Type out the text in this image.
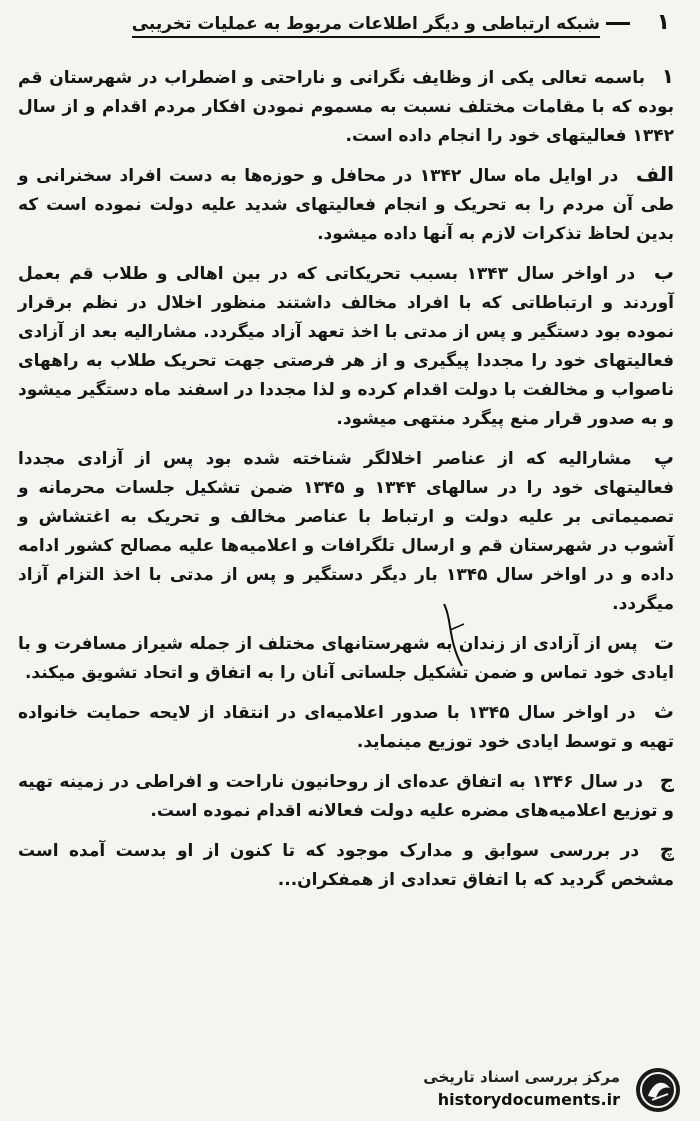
۱
شبکه ارتباطی و دیگر اطلاعات مربوط به عملیات تخریبی

۱ باسمه تعالی یکی از وظایف نگرانی و ناراحتی و اضطراب در شهرستان قم بوده که با مقامات مختلف نسبت به مسموم نمودن افکار مردم اقدام و از سال ۱۳۴۲ فعالیتهای خود را انجام داده است.

الف در اوایل ماه سال ۱۳۴۲ در محافل و حوزه‌ها به دست افراد سخنرانی و طی آن مردم را به تحریک و انجام فعالیتهای شدید علیه دولت نموده است که بدین لحاظ تذکرات لازم به آنها داده میشود.

ب در اواخر سال ۱۳۴۳ بسبب تحریکاتی که در بین اهالی و طلاب قم بعمل آوردند و ارتباطاتی که با افراد مخالف داشتند منظور اخلال در نظم برقرار نموده بود دستگیر و پس از مدتی با اخذ تعهد آزاد میگردد. مشارالیه بعد از آزادی فعالیتهای خود را مجددا پیگیری و از هر فرصتی جهت تحریک طلاب به راههای ناصواب و مخالفت با دولت اقدام کرده و لذا مجددا در اسفند ماه دستگیر میشود و به صدور قرار منع پیگرد منتهی میشود.

پ مشارالیه که از عناصر اخلالگر شناخته شده بود پس از آزادی مجددا فعالیتهای خود را در سالهای ۱۳۴۴ و ۱۳۴۵ ضمن تشکیل جلسات محرمانه و تصمیماتی بر علیه دولت و ارتباط با عناصر مخالف و تحریک به اغتشاش و آشوب در شهرستان قم و ارسال تلگرافات و اعلامیه‌ها علیه مصالح کشور ادامه داده و در اواخر سال ۱۳۴۵ بار دیگر دستگیر و پس از مدتی با اخذ التزام آزاد میگردد.

ت پس از آزادی از زندان به شهرستانهای مختلف از جمله شیراز مسافرت و با ایادی خود تماس و ضمن تشکیل جلساتی آنان را به اتفاق و اتحاد تشویق میکند.

ث در اواخر سال ۱۳۴۵ با صدور اعلامیه‌ای در انتقاد از لایحه حمایت خانواده تهیه و توسط ایادی خود توزیع مینماید.

ج در سال ۱۳۴۶ به اتفاق عده‌ای از روحانیون ناراحت و افراطی در زمینه تهیه و توزیع اعلامیه‌های مضره علیه دولت فعالانه اقدام نموده است.

چ در بررسی سوابق و مدارک موجود که تا کنون از او بدست آمده است مشخص گردید که با اتفاق تعدادی از همفکران...

مرکز بررسی اسناد تاریخی
historydocuments.ir
